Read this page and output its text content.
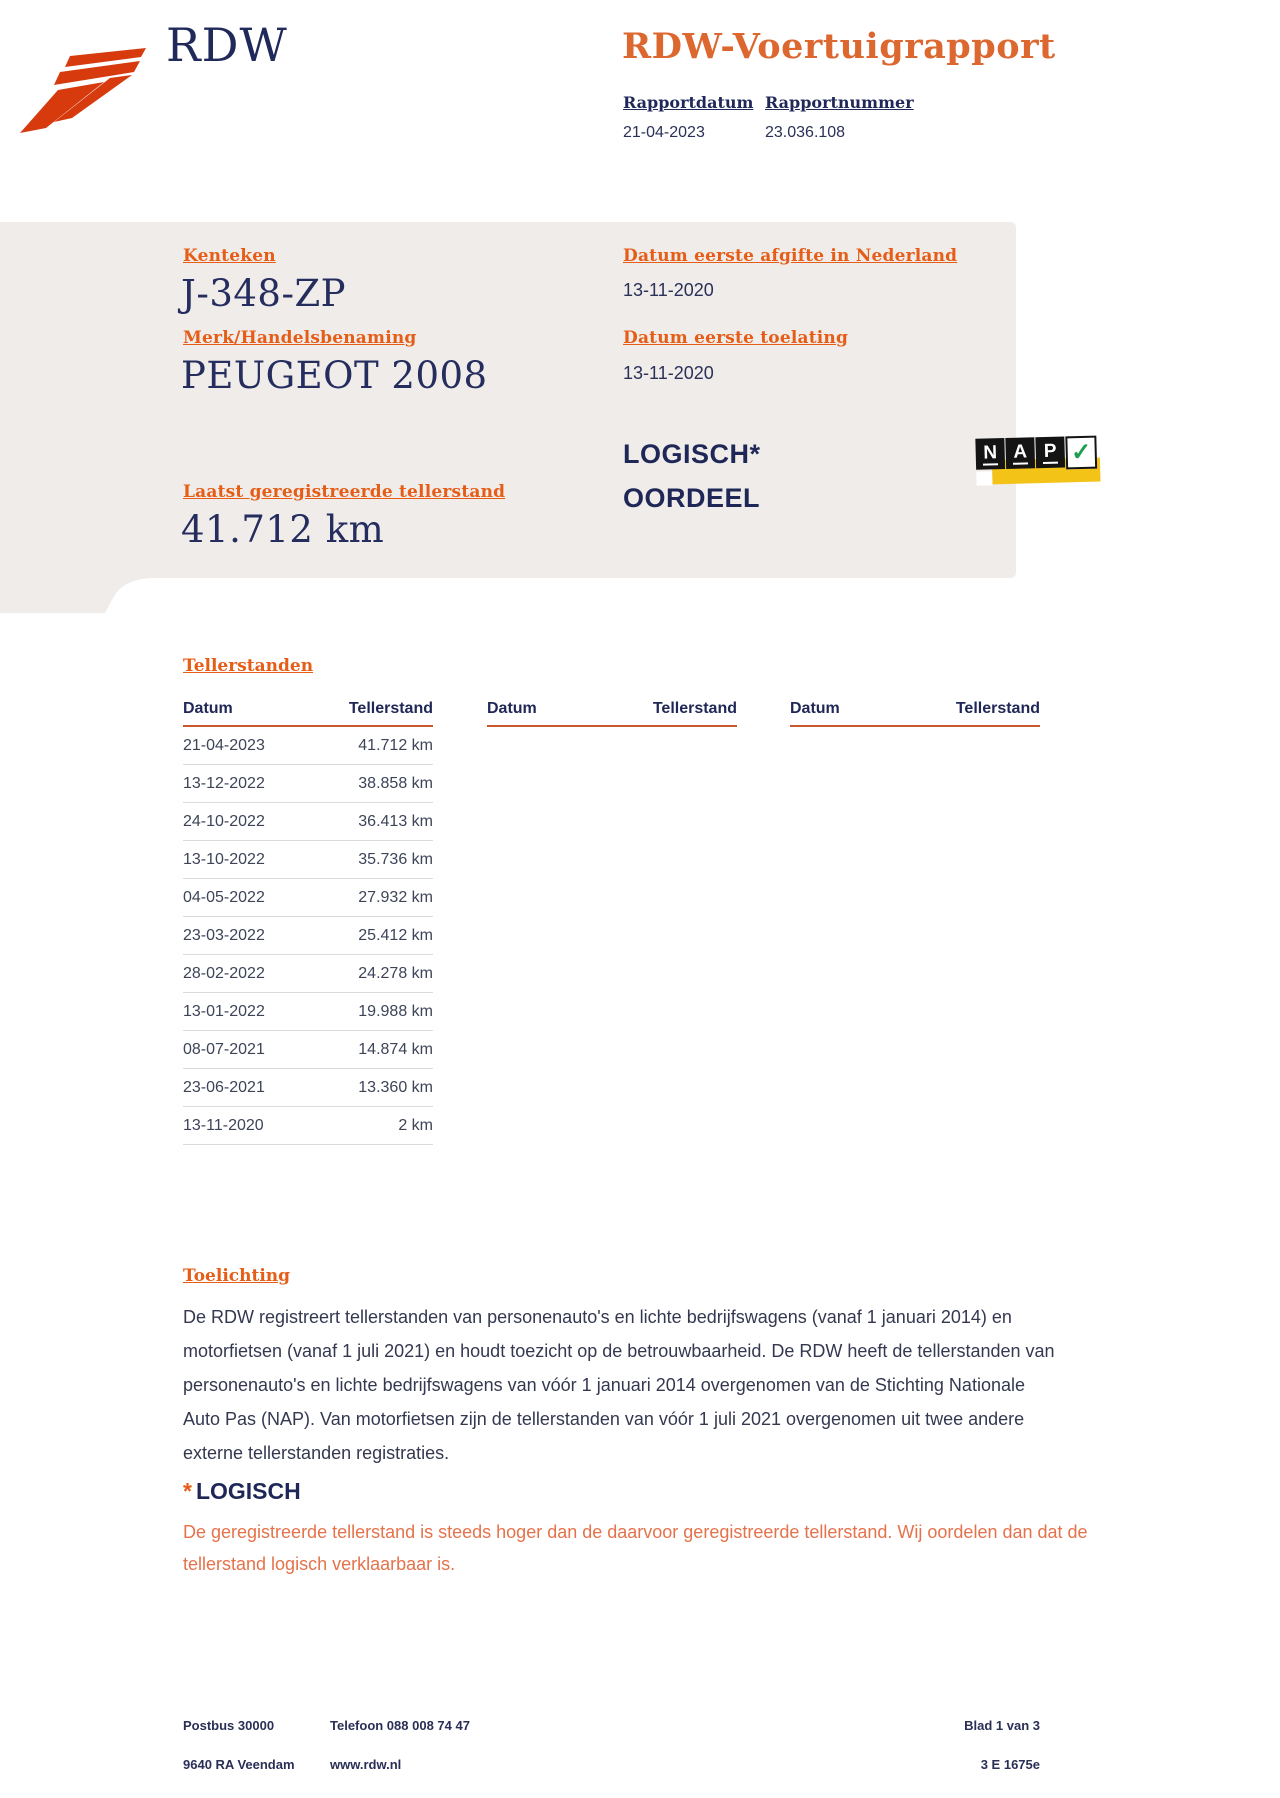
RDW	RDW-Voertuigrapport
Rapportdatum Rapportnummer
21-04-2023	23.036.108
Kenteken
J-348-ZP
Merk/Handelsbenaming
PEUGEOT 2008
Laatst geregistreerde tellerstand
41.712 km
Datum eerste afgifte in Nederland
13-11-2020
Datum eerste toelating
13-11-2020
LOGISCH*
OORDEEL
N A P ✓
Tellerstanden
Datum	Tellerstand
21-04-2023	41.712 km
13-12-2022	38.858 km
24-10-2022	36.413 km
13-10-2022	35.736 km
04-05-2022	27.932 km
23-03-2022	25.412 km
28-02-2022	24.278 km
13-01-2022	19.988 km
08-07-2021	14.874 km
23-06-2021	13.360 km
13-11-2020	2 km
Datum	Tellerstand	Datum	Tellerstand
Toelichting
De RDW registreert tellerstanden van personenauto's en lichte bedrijfswagens (vanaf 1 januari 2014) en motorfietsen (vanaf 1 juli 2021) en houdt toezicht op de betrouwbaarheid. De RDW heeft de tellerstanden van personenauto's en lichte bedrijfswagens van vóór 1 januari 2014 overgenomen van de Stichting Nationale Auto Pas (NAP). Van motorfietsen zijn de tellerstanden van vóór 1 juli 2021 overgenomen uit twee andere externe tellerstanden registraties.
* LOGISCH
De geregistreerde tellerstand is steeds hoger dan de daarvoor geregistreerde tellerstand. Wij oordelen dan dat de tellerstand logisch verklaarbaar is.
Postbus 30000	Telefoon 088 008 74 47
9640 RA Veendam	www.rdw.nl
Blad 1 van 3
3 E 1675e
